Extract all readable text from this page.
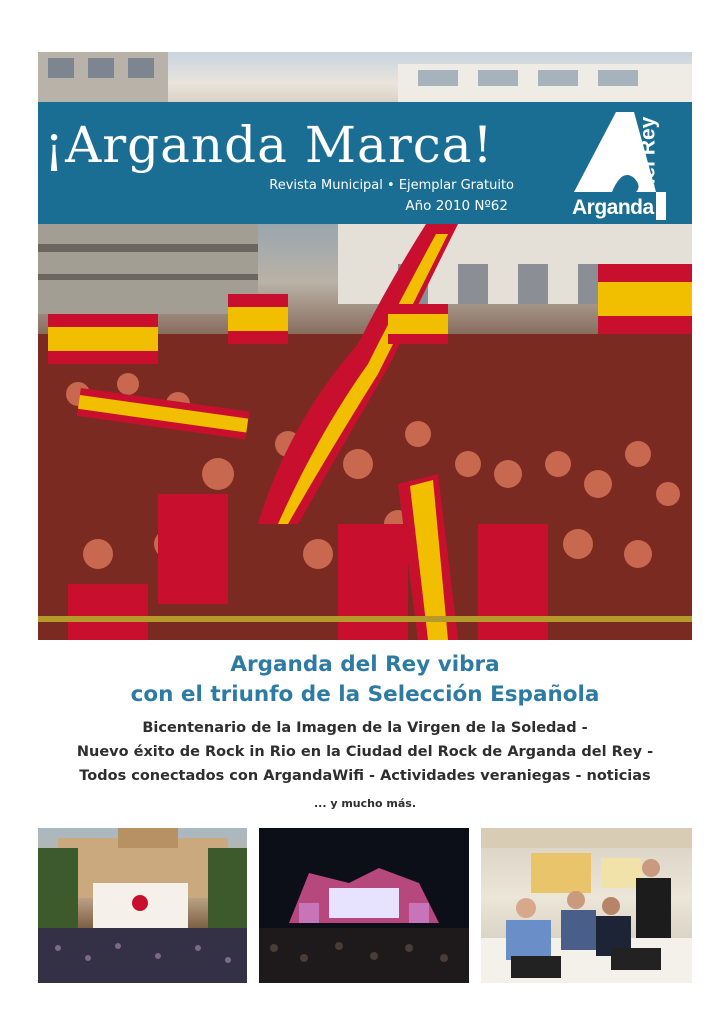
¡Arganda Marca!
Revista Municipal • Ejemplar Gratuito
Año 2010 Nº62	Arganda
del Rey
Arganda del Rey vibra
con el triunfo de la Selección Española
Bicentenario de la Imagen de la Virgen de la Soledad -
Nuevo éxito de Rock in Rio en la Ciudad del Rock de Arganda del Rey -
Todos conectados con ArgandaWifi - Actividades veraniegas - noticias
... y mucho más.
